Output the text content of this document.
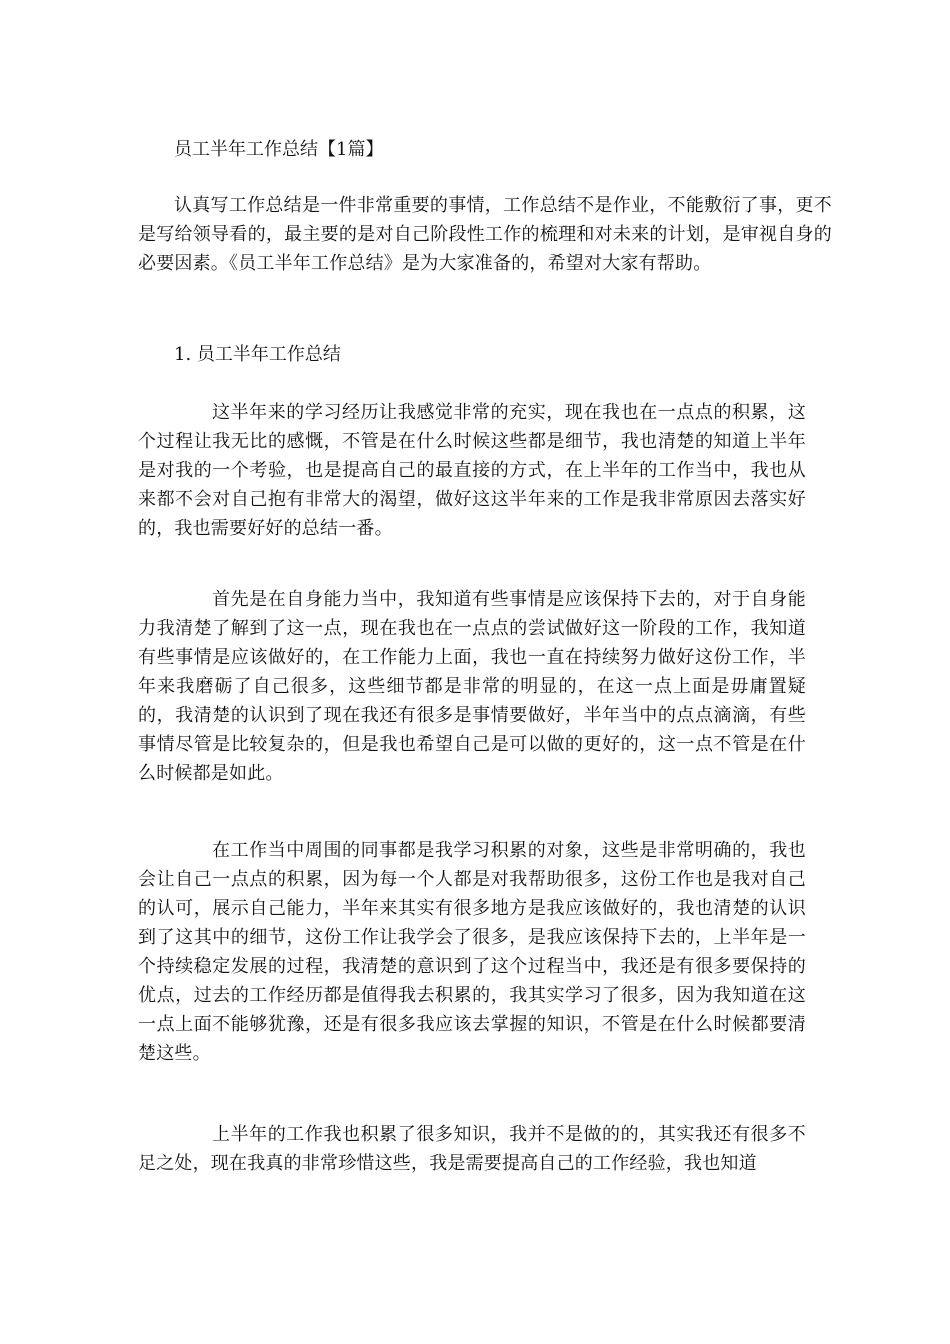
员工半年工作总结【1篇】
认真写工作总结是一件非常重要的事情，工作总结不是作业，不能敷衍了事，更不是写给领导看的，最主要的是对自己阶段性工作的梳理和对未来的计划，是审视自身的必要因素。《员工半年工作总结》是为大家准备的，希望对大家有帮助。
1. 员工半年工作总结
这半年来的学习经历让我感觉非常的充实，现在我也在一点点的积累，这个过程让我无比的感慨，不管是在什么时候这些都是细节，我也清楚的知道上半年是对我的一个考验，也是提高自己的最直接的方式，在上半年的工作当中，我也从来都不会对自己抱有非常大的渴望，做好这这半年来的工作是我非常原因去落实好的，我也需要好好的总结一番。
首先是在自身能力当中，我知道有些事情是应该保持下去的，对于自身能力我清楚了解到了这一点，现在我也在一点点的尝试做好这一阶段的工作，我知道有些事情是应该做好的，在工作能力上面，我也一直在持续努力做好这份工作，半年来我磨砺了自己很多，这些细节都是非常的明显的，在这一点上面是毋庸置疑的，我清楚的认识到了现在我还有很多是事情要做好，半年当中的点点滴滴，有些事情尽管是比较复杂的，但是我也希望自己是可以做的更好的，这一点不管是在什么时候都是如此。
在工作当中周围的同事都是我学习积累的对象，这些是非常明确的，我也会让自己一点点的积累，因为每一个人都是对我帮助很多，这份工作也是我对自己的认可，展示自己能力，半年来其实有很多地方是我应该做好的，我也清楚的认识到了这其中的细节，这份工作让我学会了很多，是我应该保持下去的，上半年是一个持续稳定发展的过程，我清楚的意识到了这个过程当中，我还是有很多要保持的优点，过去的工作经历都是值得我去积累的，我其实学习了很多，因为我知道在这一点上面不能够犹豫，还是有很多我应该去掌握的知识，不管是在什么时候都要清楚这些。
上半年的工作我也积累了很多知识，我并不是做的的，其实我还有很多不足之处，现在我真的非常珍惜这些，我是需要提高自己的工作经验，我也知道
